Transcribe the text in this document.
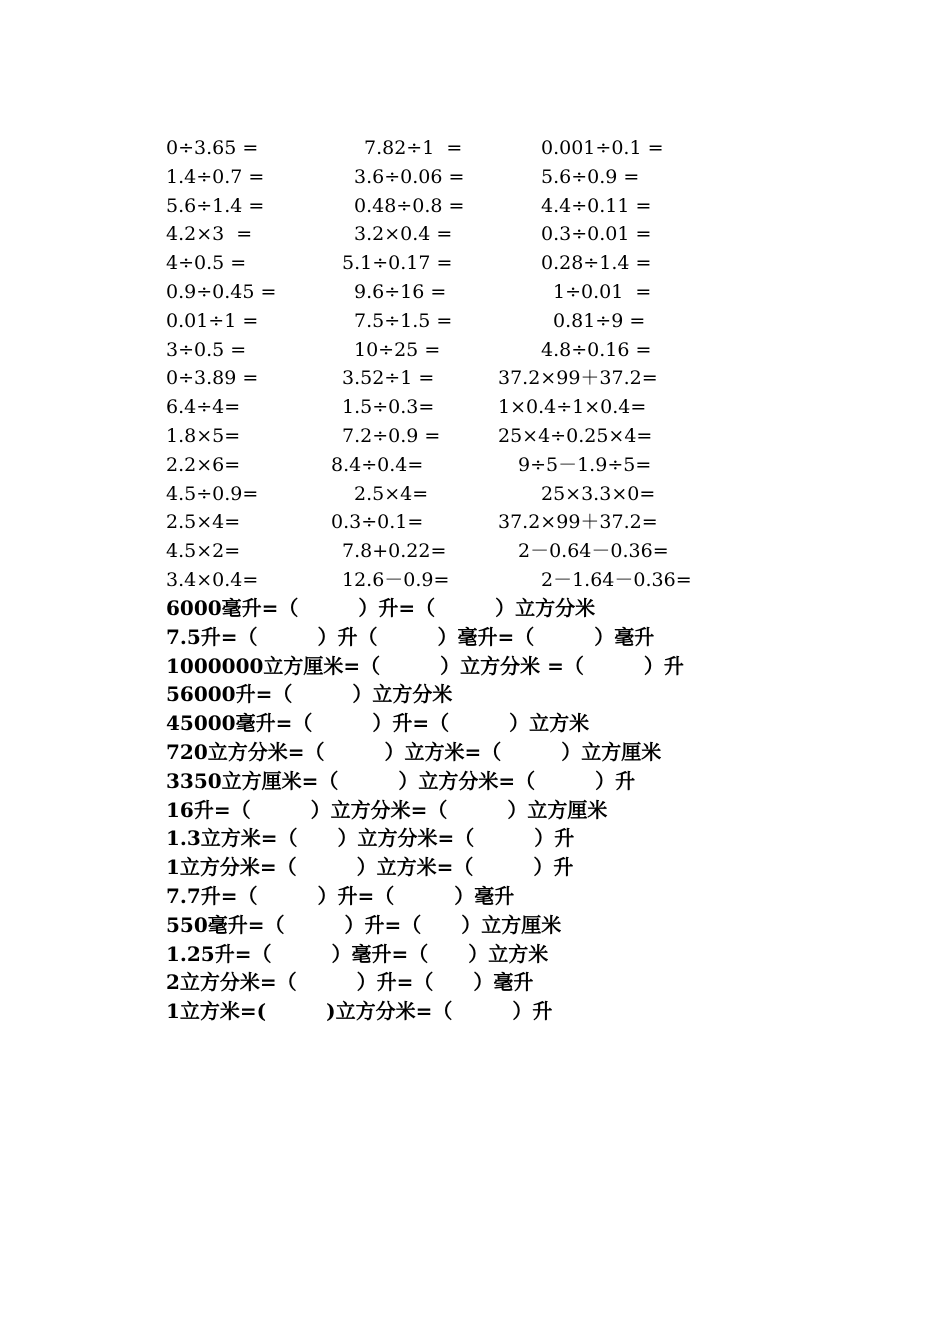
0÷3.65 =	7.82÷1  =	0.001÷0.1 =
1.4÷0.7 =	3.6÷0.06 =	5.6÷0.9 =
5.6÷1.4 =	0.48÷0.8 =	4.4÷0.11 =
4.2×3  =	3.2×0.4 =	0.3÷0.01 =
4÷0.5 =	5.1÷0.17 =	0.28÷1.4 =
0.9÷0.45 =	9.6÷16 =	1÷0.01  =
0.01÷1 =	7.5÷1.5 =	0.81÷9 =
3÷0.5 =	10÷25 =	4.8÷0.16 =
0÷3.89 =	3.52÷1 =	37.2×99＋37.2=
6.4÷4=	1.5÷0.3=	1×0.4÷1×0.4=
1.8×5=	7.2÷0.9 =	25×4÷0.25×4=
2.2×6=	8.4÷0.4=	9÷5－1.9÷5=
4.5÷0.9=	2.5×4=	25×3.3×0=
2.5×4=	0.3÷0.1=	37.2×99＋37.2=
4.5×2=	7.8+0.22=	2－0.64－0.36=
3.4×0.4=	12.6－0.9=	2－1.64－0.36=
6000毫升=（　　　）升=（　　　）立方分米
7.5升=（　　　）升（　　　）毫升=（　　　）毫升
1000000立方厘米=（　　　）立方分米 =（　　　）升
56000升=（　　　）立方分米
45000毫升=（　　　）升=（　　　）立方米
720立方分米=（　　　）立方米=（　　　）立方厘米
3350立方厘米=（　　　）立方分米=（　　　）升
16升=（　　　）立方分米=（　　　）立方厘米
1.3立方米=（　　）立方分米=（　　　）升
1立方分米=（　　　）立方米=（　　　）升
7.7升=（　　　）升=（　　　）毫升
550毫升=（　　　）升=（　　）立方厘米
1.25升=（　　　）毫升=（　　）立方米
2立方分米=（　　　）升=（　　）毫升
1立方米=(　　　)立方分米=（　　　）升
